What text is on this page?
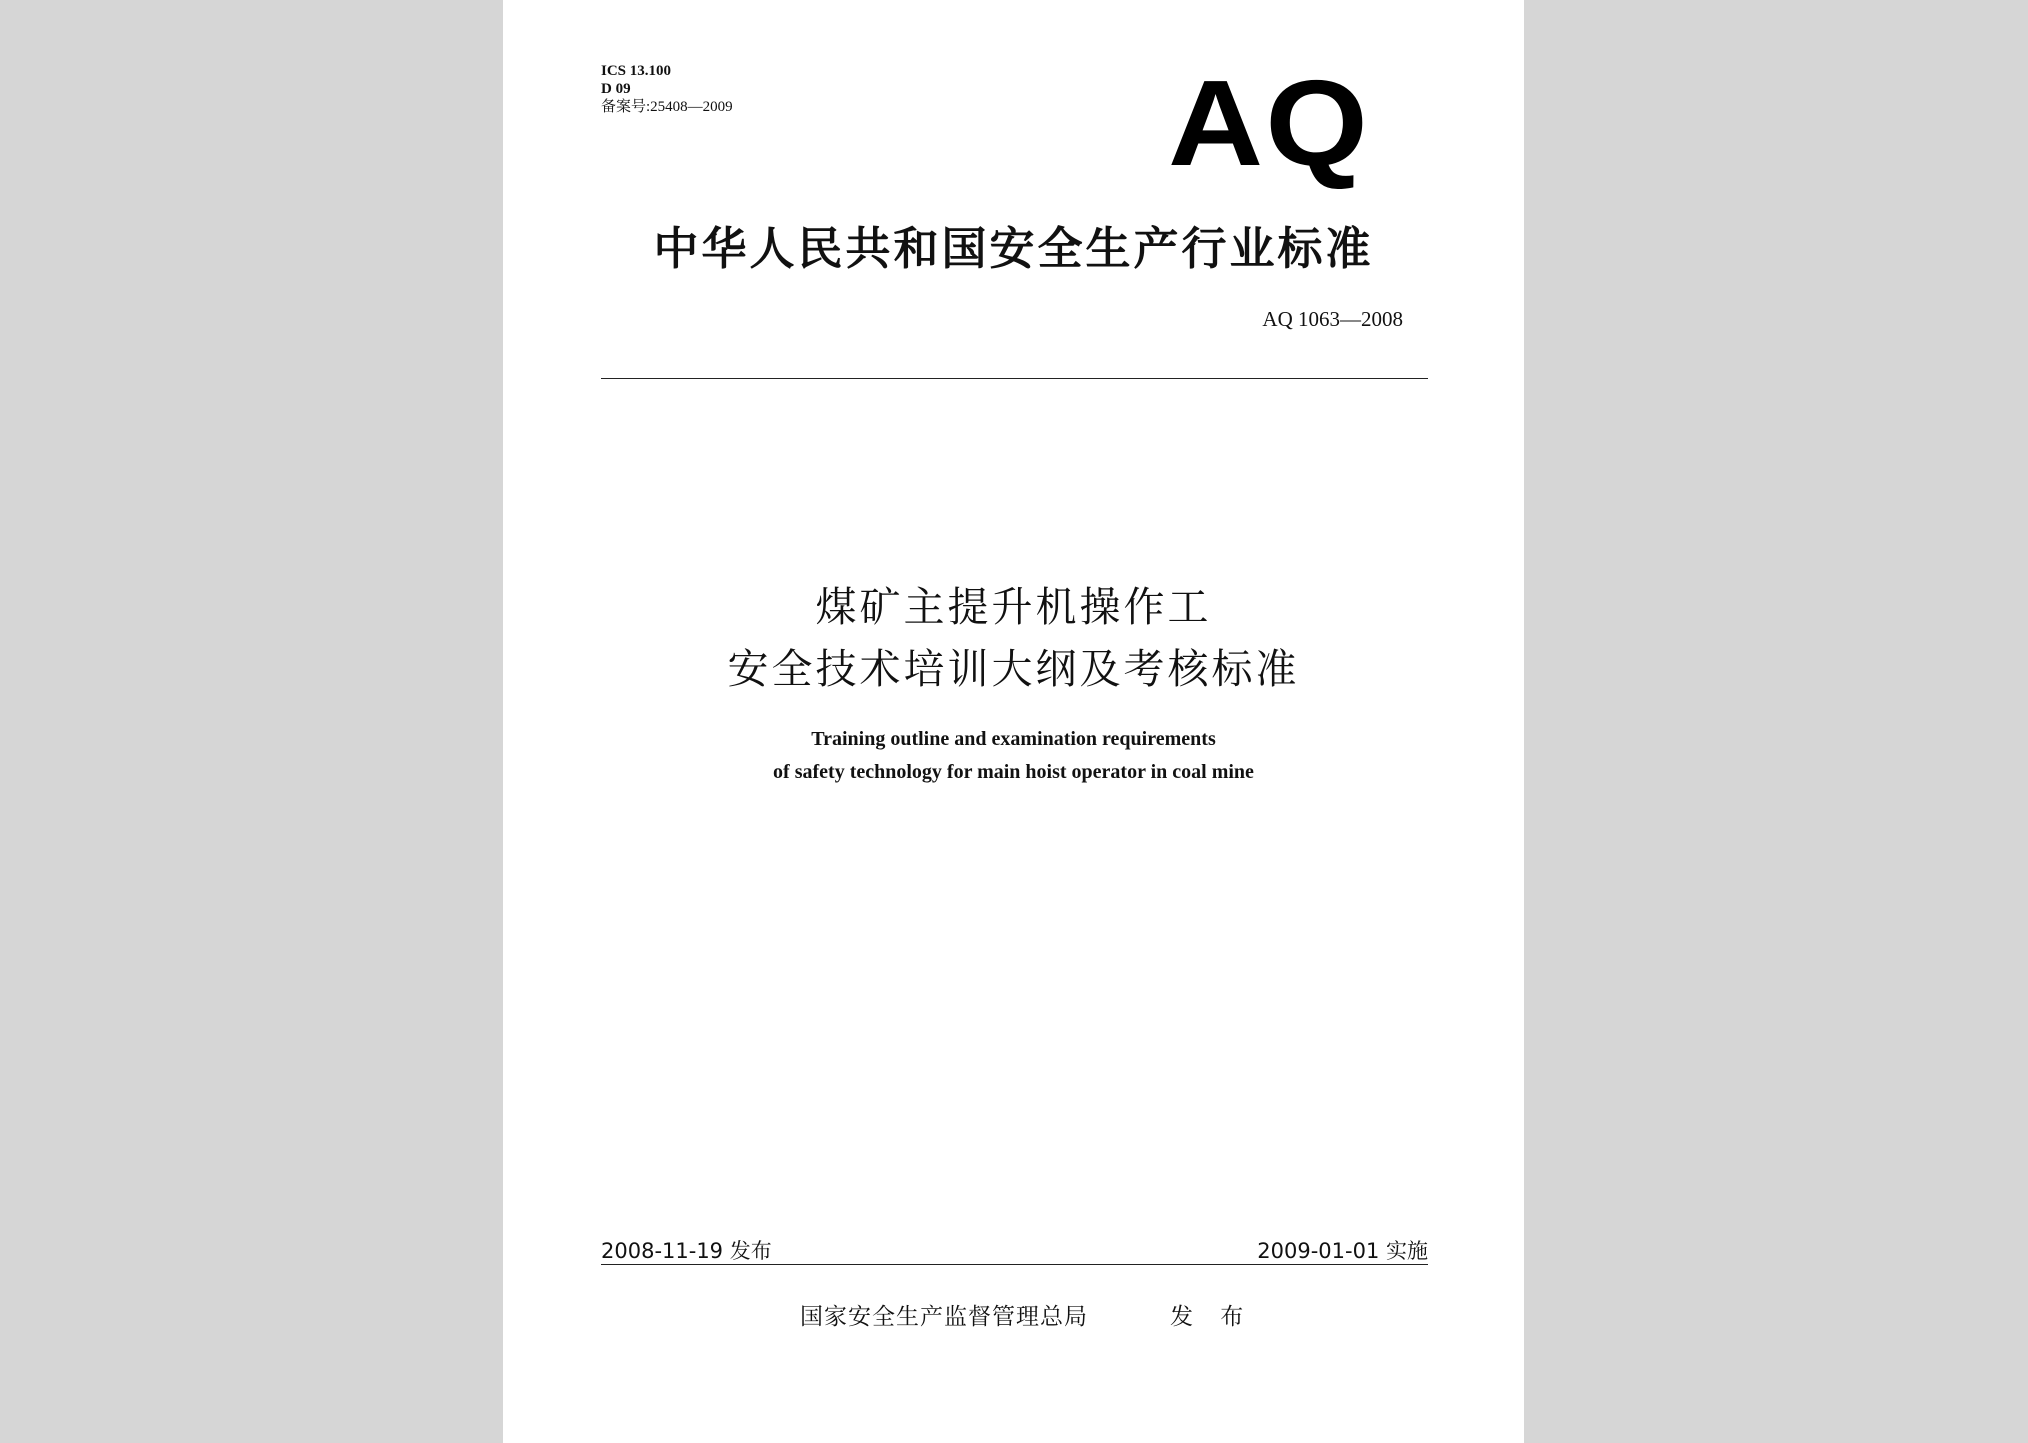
ICS 13.100
D 09
备案号:25408—2009	AQ
中华人民共和国安全生产行业标准
AQ 1063—2008
煤矿主提升机操作工
安全技术培训大纲及考核标准
Training outline and examination requirements
of safety technology for main hoist operator in coal mine
2008-11-19 发布	2009-01-01 实施
国家安全生产监督管理总局	发 布
